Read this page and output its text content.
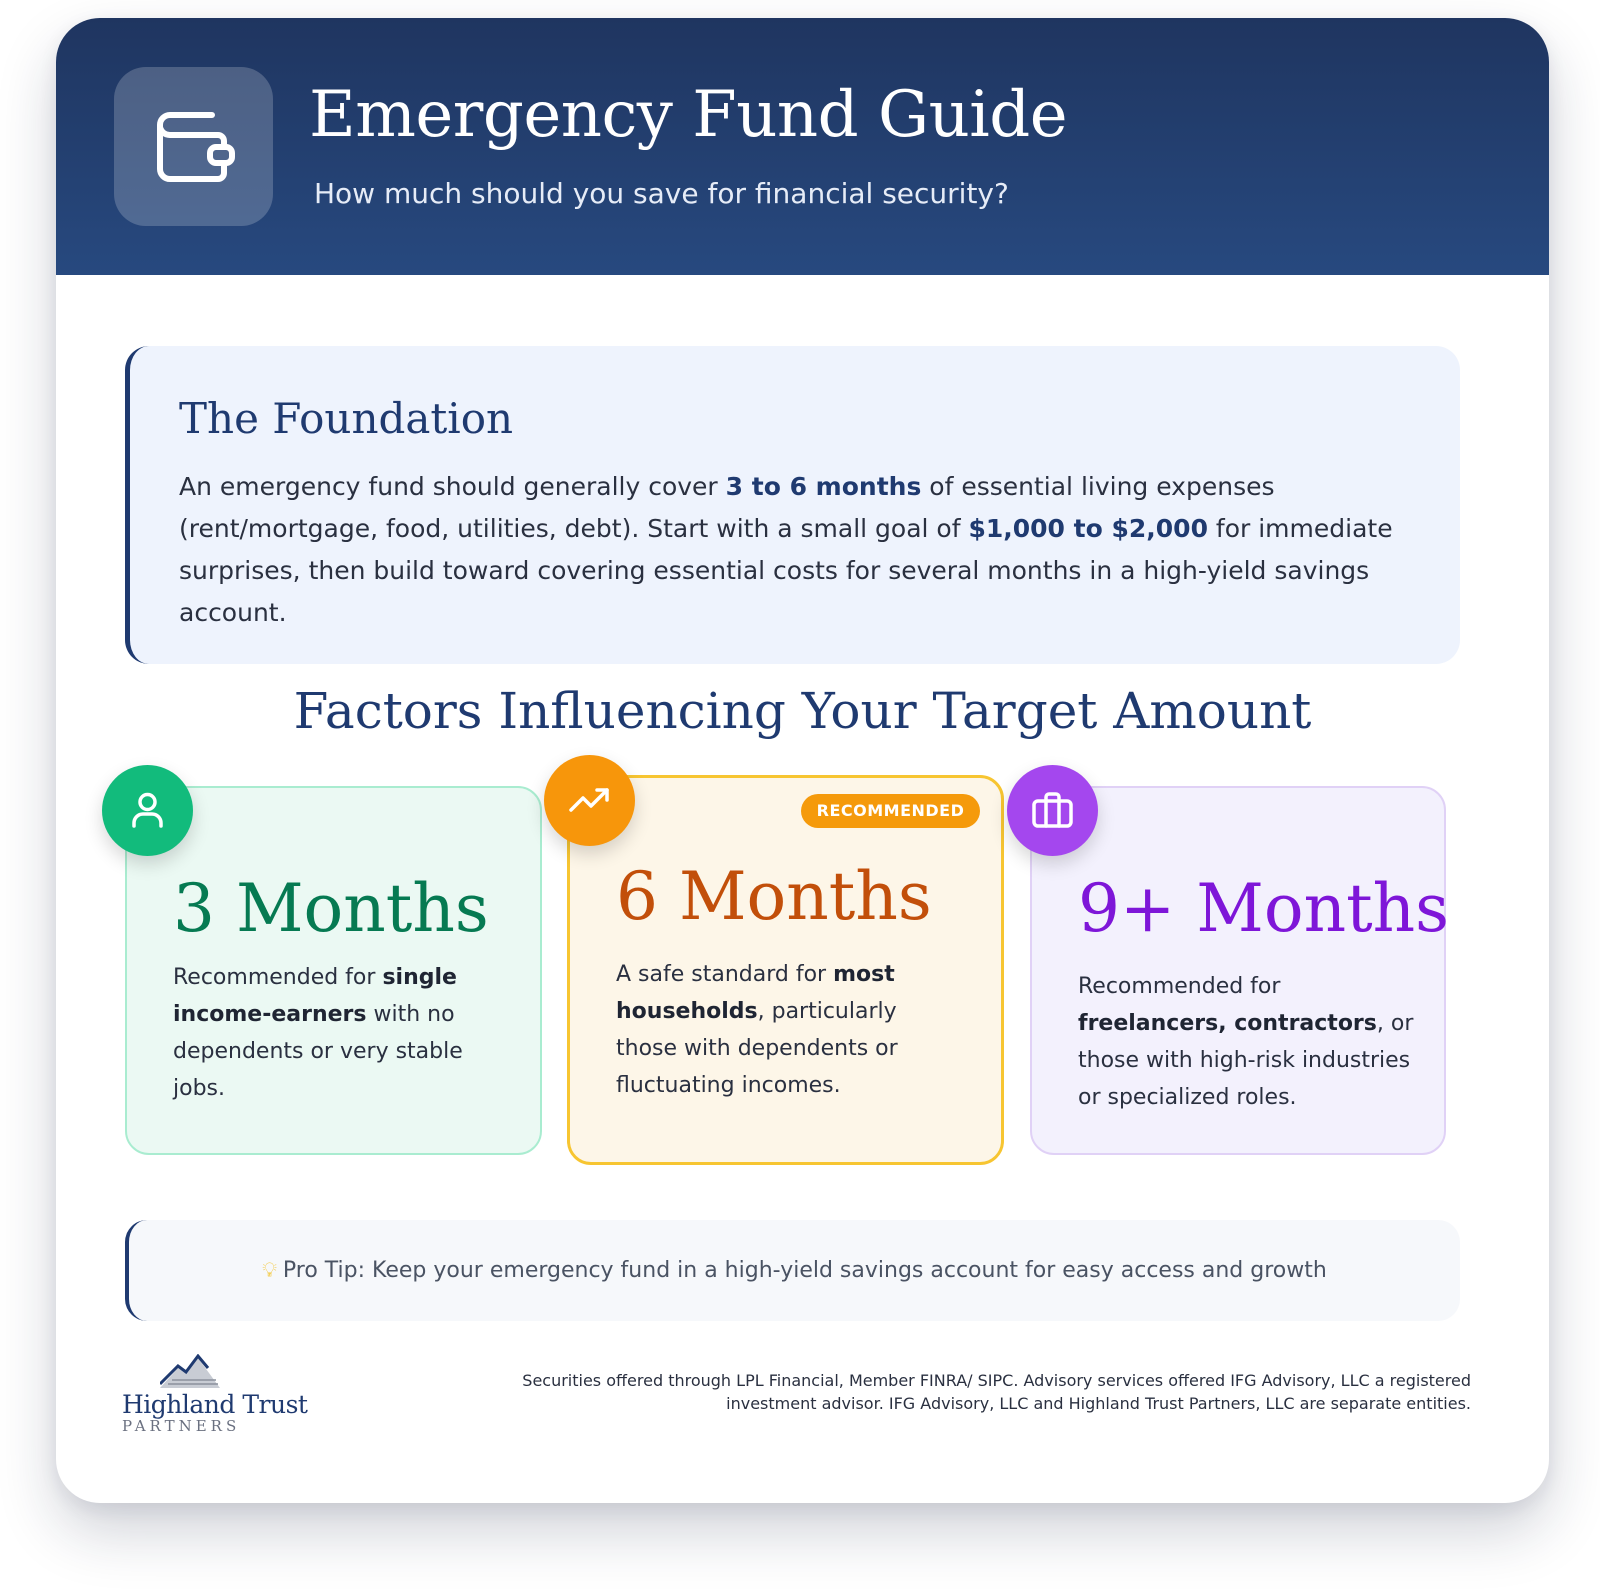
Emergency Fund Guide
How much should you save for financial security?
The Foundation

An emergency fund should generally cover 3 to 6 months of essential living expenses (rent/mortgage, food, utilities, debt). Start with a small goal of $1,000 to $2,000 for immediate surprises, then build toward covering essential costs for several months in a high-yield savings account.

Factors Influencing Your Target Amount
3 Months

Recommended for single income-earners with no dependents or very stable jobs.

RECOMMENDED
6 Months

A safe standard for most households, particularly those with dependents or fluctuating incomes.

9+ Months

Recommended for freelancers, contractors, or those with high-risk industries or specialized roles.

💡︎ Pro Tip: Keep your emergency fund in a high-yield savings account for easy access and growth
Highland Trust
PARTNERS
Securities offered through LPL Financial, Member FINRA/ SIPC. Advisory services offered IFG Advisory, LLC a registered investment advisor. IFG Advisory, LLC and Highland Trust Partners, LLC are separate entities.
